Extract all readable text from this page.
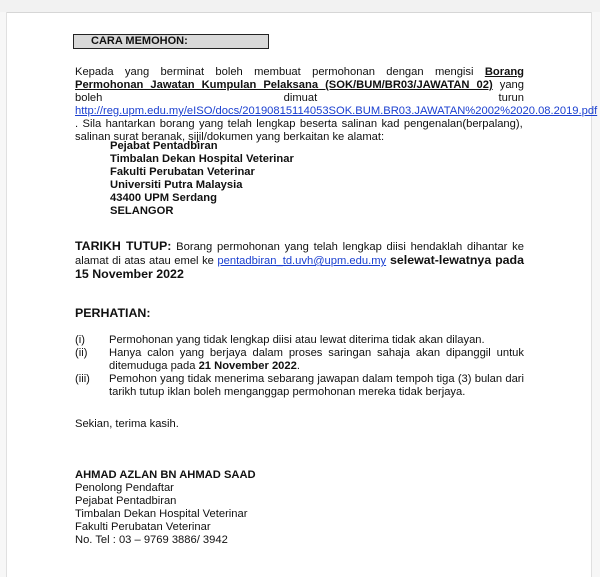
CARA MEMOHON:
Kepada yang berminat boleh membuat permohonan dengan mengisi Borang Permohonan Jawatan Kumpulan Pelaksana (SOK/BUM/BR03/JAWATAN 02) yang boleh dimuat turun http://reg.upm.edu.my/eISO/docs/20190815114053SOK.BUM.BR03.JAWATAN%2002%2020.08.2019.pdf . Sila hantarkan borang yang telah lengkap beserta salinan kad pengenalan(berpalang), salinan surat beranak, sijil/dokumen yang berkaitan ke alamat:
Pejabat Pentadbiran
Timbalan Dekan Hospital Veterinar
Fakulti Perubatan Veterinar
Universiti Putra Malaysia
43400 UPM Serdang
SELANGOR
TARIKH TUTUP: Borang permohonan yang telah lengkap diisi hendaklah dihantar ke alamat di atas atau emel ke pentadbiran_td.uvh@upm.edu.my selewat-lewatnya pada 15 November 2022
PERHATIAN:
(i) Permohonan yang tidak lengkap diisi atau lewat diterima tidak akan dilayan.
(ii) Hanya calon yang berjaya dalam proses saringan sahaja akan dipanggil untuk ditemuduga pada 21 November 2022.
(iii) Pemohon yang tidak menerima sebarang jawapan dalam tempoh tiga (3) bulan dari tarikh tutup iklan boleh menganggap permohonan mereka tidak berjaya.
Sekian, terima kasih.
AHMAD AZLAN BN AHMAD SAAD
Penolong Pendaftar
Pejabat Pentadbiran
Timbalan Dekan Hospital Veterinar
Fakulti Perubatan Veterinar
No. Tel : 03 – 9769 3886/ 3942
